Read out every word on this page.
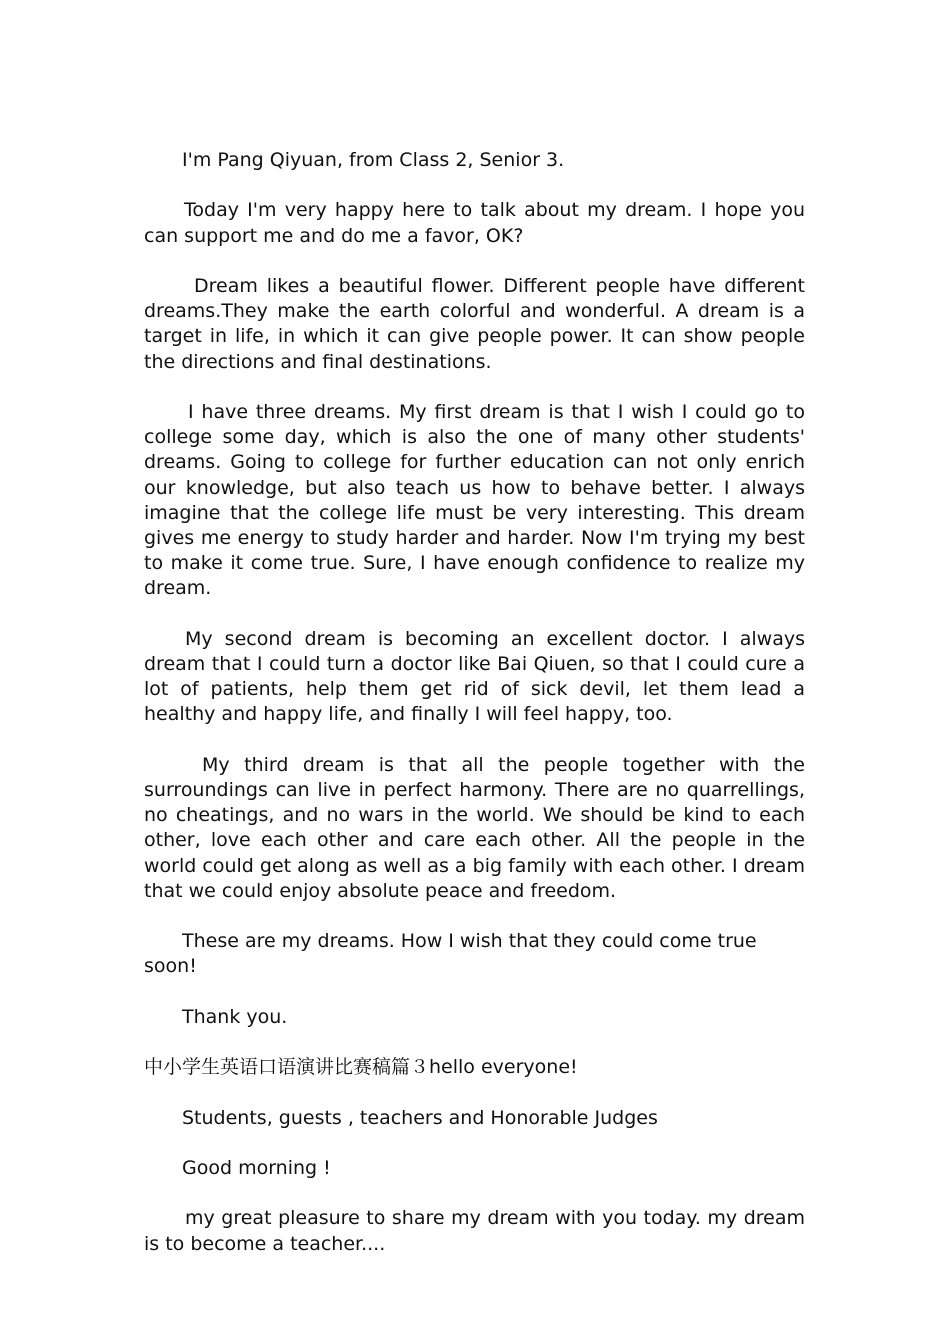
I'm Pang Qiyuan, from Class 2, Senior 3.

Today I'm very happy here to talk about my dream. I hope you can support me and do me a favor, OK?

Dream likes a beautiful flower. Different people have different dreams.They make the earth colorful and wonderful. A dream is a target in life, in which it can give people power. It can show people the directions and final destinations.

I have three dreams. My first dream is that I wish I could go to college some day, which is also the one of many other students' dreams. Going to college for further education can not only enrich our knowledge, but also teach us how to behave better. I always imagine that the college life must be very interesting. This dream gives me energy to study harder and harder. Now I'm trying my best to make it come true. Sure, I have enough confidence to realize my dream.

My second dream is becoming an excellent doctor. I always dream that I could turn a doctor like Bai Qiuen, so that I could cure a lot of patients, help them get rid of sick devil, let them lead a healthy and happy life, and finally I will feel happy, too.

My third dream is that all the people together with the surroundings can live in perfect harmony. There are no quarrellings, no cheatings, and no wars in the world. We should be kind to each other, love each other and care each other. All the people in the world could get along as well as a big family with each other. I dream that we could enjoy absolute peace and freedom.

These are my dreams. How I wish that they could come true soon!

Thank you.

中小学生英语口语演讲比赛稿篇３hello everyone!

Students, guests , teachers and Honorable Judges

Good morning !

my great pleasure to share my dream with you today. my dream is to become a teacher....
